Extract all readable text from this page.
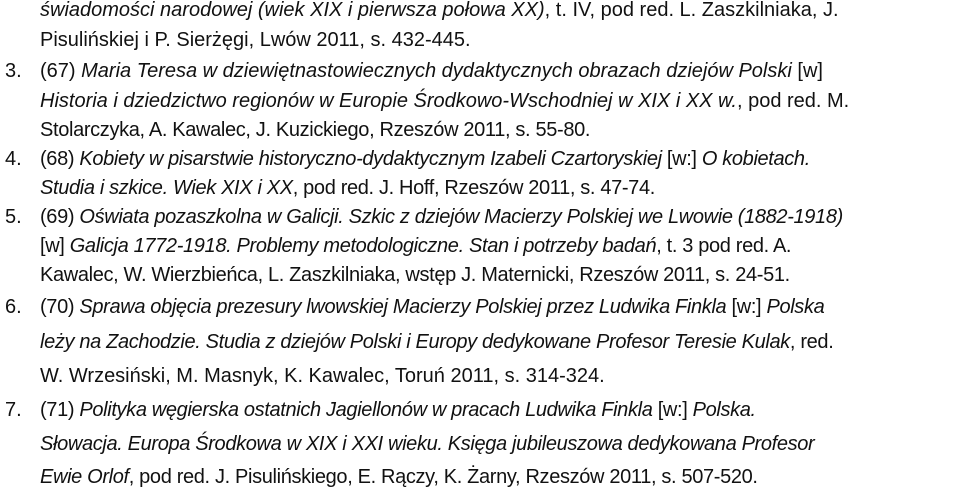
świadomości narodowej (wiek XIX i pierwsza połowa XX), t. IV, pod red. L. Zaszkilniaka, J.
Pisulińskiej i P. Sierżęgi, Lwów 2011, s. 432-445.
3. (67) Maria Teresa w dziewiętnastowiecznych dydaktycznych obrazach dziejów Polski [w]
Historia i dziedzictwo regionów w Europie Środkowo-Wschodniej w XIX i XX w., pod red. M.
Stolarczyka, A. Kawalec, J. Kuzickiego, Rzeszów 2011, s. 55-80.
4. (68) Kobiety w pisarstwie historyczno-dydaktycznym Izabeli Czartoryskiej [w:] O kobietach.
Studia i szkice. Wiek XIX i XX, pod red. J. Hoff, Rzeszów 2011, s. 47-74.
5. (69) Oświata pozaszkolna w Galicji. Szkic z dziejów Macierzy Polskiej we Lwowie (1882-1918)
[w] Galicja 1772-1918. Problemy metodologiczne. Stan i potrzeby badań, t. 3 pod red. A.
Kawalec, W. Wierzbieńca, L. Zaszkilniaka, wstęp J. Maternicki, Rzeszów 2011, s. 24-51.
6. (70) Sprawa objęcia prezesury lwowskiej Macierzy Polskiej przez Ludwika Finkla [w:] Polska
leży na Zachodzie. Studia z dziejów Polski i Europy dedykowane Profesor Teresie Kulak, red.
W. Wrzesiński, M. Masnyk, K. Kawalec, Toruń 2011, s. 314-324.
7. (71) Polityka węgierska ostatnich Jagiellonów w pracach Ludwika Finkla [w:] Polska.
Słowacja. Europa Środkowa w XIX i XXI wieku. Księga jubileuszowa dedykowana Profesor
Ewie Orlof, pod red. J. Pisulińskiego, E. Rączy, K. Żarny, Rzeszów 2011, s. 507-520.
